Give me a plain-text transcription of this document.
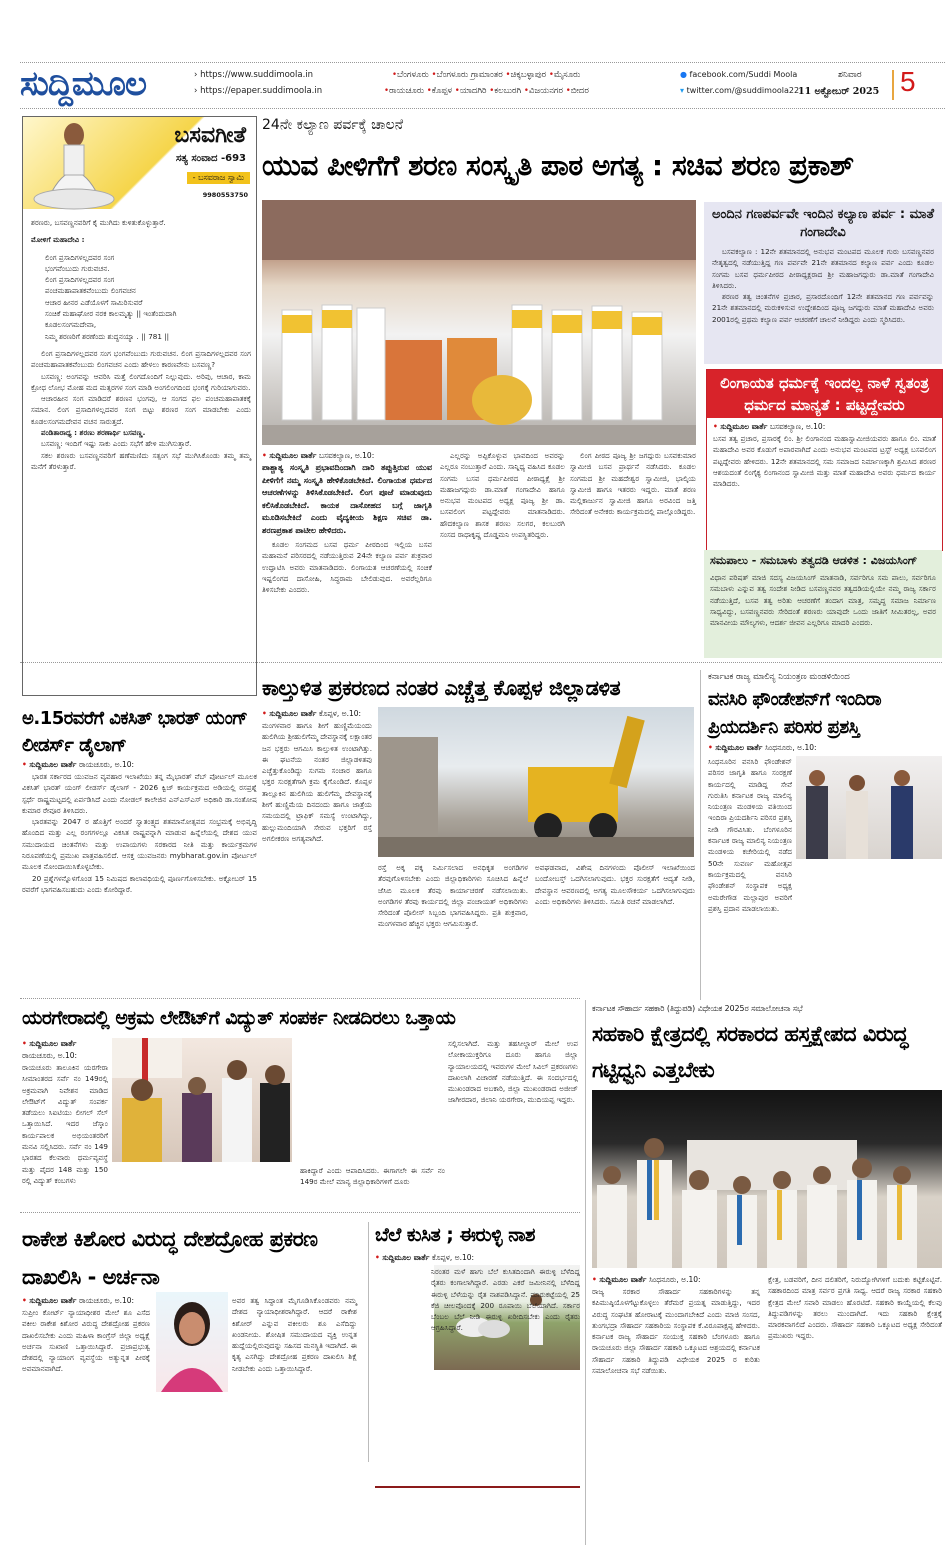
ಸುದ್ದಿಮೂಲ	› https://www.suddimoola.in
› https://epaper.suddimoola.in
•ಬೆಂಗಳೂರು •ಬೆಂಗಳೂರು ಗ್ರಾಮಾಂತರ •ಚಿಕ್ಕಬಳ್ಳಾಪುರ •ಮೈಸೂರು
•ರಾಯಚೂರು •ಕೊಪ್ಪಳ •ಯಾದಗಿರಿ •ಕಲಬುರಗಿ •ವಿಜಯನಗರ •ಬೀದರ
● facebook.com/Suddi Moola
▾ twitter.com/@suddimoola22
ಶನಿವಾರ
11 ಅಕ್ಟೋಬರ್ 2025 5
ಬಸವಗೀತೆ
ಸತ್ಯ ಸಂವಾದ -693
- ಬಸವರಾಜ ಸ್ವಾಮಿ
9980553750
ಶರಣರು, ಬಸವಣ್ಣನವರಿಗೆ ಕೈ ಮುಗಿದು ಕುಳಿತುಕೊಳ್ಳುತ್ತಾರೆ.
ಮೋಳಿಗೆ ಮಹಾದೇವಿ :
ಲಿಂಗ ಪ್ರಸಾದಿಗಳಲ್ಲದವರ ಸಂಗ
ಭಂಗವೆಂಬುದು ಗುರುವಚನ.
ಲಿಂಗ ಪ್ರಸಾದಿಗಳಲ್ಲದವರ ಸಂಗ
ಪಂಚಮಹಾಪಾತಕವೆಂಬುದು ಲಿಂಗವಚನ
ಆಚಾರ ಹೀನರ ಎಡೆಯೊಳಗೆ ಸಾಮಿರಿಸುವರೆ
ಸಂಚಿಕೆ ಮಹಾಘೋರ ನರಕ ಕಾಲಮೃತ್ಯು || ಇಂತೆಂದುದಾಗಿ
ಕೂಡಲಸಂಗಮದೇವಾ,
ನಿಮ್ಮ ಶರಣರಿಗೆ ಶರಣೆಂದು ಶುದ್ಧನಯ್ಯಾ . || 781 ||

ಲಿಂಗ ಪ್ರಸಾದಿಗಳಲ್ಲದವರ ಸಂಗ ಭಂಗವೆಂಬುದು ಗುರುವಚನ. ಲಿಂಗ ಪ್ರಸಾದಿಗಳಲ್ಲದವರ ಸಂಗ ಪಂಚಮಹಾಪಾತಕವೆಂಬುದು ಲಿಂಗವಚನ ಎಂದು ಹೇಳಲು ಕಾರಣವೇನು ಬಸವಣ್ಣ?

ಬಸವಣ್ಣ: ಅಂಗವನ್ನು ಆವರಿಸಿ ಮತ್ತೆ ಲಿಂಗದೊಂದಿಗೆ ನಿಲ್ಲುವುದು. ಅರಿವು, ಆಚಾರ, ಕಾಮ ಕ್ರೋಧ ಲೋಭ ಮೋಹ ಮದ ಮತ್ಸರಗಳ ಸಂಗ ಮಾಡಿ ಅಂಗಲಿಂಗದಿಂದ ಭಂಗಕ್ಕೆ ಗುರಿಯಾಗುವರು.

ಆಚಾರಹೀನ ಸಂಗ ಮಾಡಿದರೆ ಶರಣನ ಭಂಗವು, ಆ ಸಂಗದ ಫಲ ಪಂಚಮಹಾಪಾತಕಕ್ಕೆ ಸಮಾನ. ಲಿಂಗ ಪ್ರಸಾದಿಗಳಲ್ಲದವರ ಸಂಗ ಬಿಟ್ಟು ಶರಣರ ಸಂಗ ಮಾಡಬೇಕು ಎಂದು ಕೂಡಲಸಂಗಮದೇವನ ವಚನ ಸಾರುತ್ತದೆ.

ಪಂಡಿತಾರಾಧ್ಯ : ಶರಣು ಶರಣಾರ್ಥಿ ಬಸವಣ್ಣ.

ಬಸವಣ್ಣ: ಇಂದಿಗೆ ಇಷ್ಟು ಸಾಕು ಎಂದು ಸಭೆಗೆ ಹೇಳಿ ಮುಗಿಸುತ್ತಾರೆ.

ಸಕಲ ಶರಣರು ಬಸವಣ್ಣನವರಿಗೆ ಹಣೆಮಣಿದು ಸತ್ಸಂಗ ಸಭೆ ಮುಗಿಸಿಕೊಂಡು ತಮ್ಮ ತಮ್ಮ ಮನೆಗೆ ತೆರಳುತ್ತಾರೆ.

24ನೇ ಕಲ್ಯಾಣ ಪರ್ವಕ್ಕೆ ಚಾಲನೆ
ಯುವ ಪೀಳಿಗೆಗೆ ಶರಣ ಸಂಸ್ಕೃತಿ ಪಾಠ ಅಗತ್ಯ : ಸಚಿವ ಶರಣ ಪ್ರಕಾಶ್
• ಸುದ್ದಿಮೂಲ ವಾರ್ತೆ ಬಸವಕಲ್ಯಾಣ, ಅ.10:
ಪಾಶ್ಚಾತ್ಯ ಸಂಸ್ಕೃತಿ ಪ್ರಭಾವದಿಂದಾಗಿ ದಾರಿ ತಪ್ಪುತ್ತಿರುವ ಯುವ ಪೀಳಿಗೆಗೆ ನಮ್ಮ ಸಂಸ್ಕೃತಿ ಹೇಳಿಕೊಡಬೇಕಿದೆ. ಲಿಂಗಾಯತ ಧರ್ಮದ ಆಚರಣೆಗಳನ್ನು ತಿಳಿಸಿಕೊಡಬೇಕಿದೆ. ಲಿಂಗ ಪೂಜೆ ಮಾಡುವುದು ಕಲಿಸಿಕೊಡಬೇಕಿದೆ. ಕಾಯಕ ದಾಸೋಹದ ಬಗ್ಗೆ ಜಾಗೃತಿ ಮೂಡಿಸಬೇಕಿದೆ ಎಂದು ವೈದ್ಯಕೀಯ ಶಿಕ್ಷಣ ಸಚಿವ ಡಾ. ಶರಣಪ್ರಕಾಶ ಪಾಟೀಲ ಹೇಳಿದರು.

ಕೂಡಲ ಸಂಗಮದ ಬಸವ ಧರ್ಮ ಪೀಠದಿಂದ ಇಲ್ಲಿಯ ಬಸವ ಮಹಾಮನೆ ಪರಿಸರದಲ್ಲಿ ನಡೆಯುತ್ತಿರುವ 24ನೇ ಕಲ್ಯಾಣ ಪರ್ವ ಶುಕ್ರವಾರ ಉದ್ಘಾಟಿಸಿ ಅವರು ಮಾತನಾಡಿದರು. ಲಿಂಗಾಯತ ಆಚರಣೆಯಲ್ಲಿ ಸಂಚಿಕೆ ಇಷ್ಟಲಿಂಗದ ದಾಸೋಹಿ, ಸಿದ್ಧರಾಮ ಬೇಲಿಡುವುದ. ಅವರೆಲ್ಲರಿಗೂ ತಿಳಿಸಬೇಕು ಎಂದರು.

ಎಲ್ಲರನ್ನು ಅಪ್ಪಿಕೊಳ್ಳುವ ಭಾವದಿಂದ ಅವರನ್ನು ಎಲ್ಲರೂ ನಂಬುತ್ತಾರೆ ಎಂದು. ಸಾನ್ನಿಧ್ಯ ವಹಿಸಿದ ಕೂಡಲ ಸಂಗಮ ಬಸವ ಧರ್ಮಪೀಠದ ಪೀಠಾಧ್ಯಕ್ಷೆ ಶ್ರೀ ಮಹಾಜಗದ್ಗುರು ಡಾ.ಮಾತೆ ಗಂಗಾದೇವಿ ಹಾಗೂ ಅನುಭವ ಮಂಟಪದ ಅಧ್ಯಕ್ಷ ಪೂಜ್ಯ ಶ್ರೀ ಡಾ. ಬಸವಲಿಂಗ ಪಟ್ಟದ್ದೇವರು ಮಾತನಾಡಿದರು. ಹೌದಕಲ್ಯಾಣ ಶಾಸಕ ಶರಣು ಸಲಗರ, ಕಲಬುರಗಿ ಸಂಸದ ರಾಧಾಕೃಷ್ಣ ದೊಡ್ಡಮನಿ ಉಪಸ್ಥಿತರಿದ್ದರು.

ಲಿಂಗ ಪೀಠದ ಪೂಜ್ಯ ಶ್ರೀ ಜಗದ್ಗುರು ಬಸವಕುಮಾರ ಸ್ವಾಮೀಜಿ ಬಸವ ಪ್ರಾರ್ಥನೆ ನಡೆಸಿದರು. ಕೂಡಲ ಸಂಗಮದ ಶ್ರೀ ಮಹದೇಶ್ವರ ಸ್ವಾಮೀಜಿ, ಭಾಲ್ಕಿಯ ಸ್ವಾಮೀಜಿ ಹಾಗೂ ಇತರರು ಇದ್ದರು. ಮಾತೆ ಶರಣ ಮಲ್ಲಿಕಾರ್ಜುನ ಸ್ವಾಮೀಜಿ ಹಾಗೂ ಅರವಿಂದ ಜತ್ತಿ ಸೇರಿದಂತೆ ಅನೇಕರು ಕಾರ್ಯಕ್ರಮದಲ್ಲಿ ಪಾಲ್ಗೊಂಡಿದ್ದರು.

ಅಂದಿನ ಗಣಪರ್ವವೇ ಇಂದಿನ ಕಲ್ಯಾಣ ಪರ್ವ : ಮಾತೆ ಗಂಗಾದೇವಿ

ಬಸವಕಲ್ಯಾಣ : 12ನೇ ಶತಮಾನದಲ್ಲಿ ಅನುಭವ ಮಂಟಪದ ಮೂಲಕ ಗುರು ಬಸವಣ್ಣನವರ ನೇತೃತ್ವದಲ್ಲಿ ನಡೆಯುತ್ತಿದ್ದ ಗಣ ಪರ್ವವೇ 21ನೇ ಶತಮಾನದ ಕಲ್ಯಾಣ ಪರ್ವ ಎಂದು ಕೂಡಲ ಸಂಗಮ ಬಸವ ಧರ್ಮಪೀಠದ ಪೀಠಾಧ್ಯಕ್ಷರಾದ ಶ್ರೀ ಮಹಾಜಗದ್ಗುರು ಡಾ.ಮಾತೆ ಗಂಗಾದೇವಿ ತಿಳಿಸಿದರು.

ಶರಣರ ತತ್ವ ಚಿಂತನೆಗಳ ಪ್ರಚಾರ, ಪ್ರಸಾರದೊಂದಿಗೆ 12ನೇ ಶತಮಾನದ ಗಣ ಪರ್ವವನ್ನು 21ನೇ ಶತಮಾನದಲ್ಲಿ ಮರುಕಳಿಸುವ ಉದ್ದೇಶದಿಂದ ಪೂಜ್ಯ ಜಗದ್ಗುರು ಮಾತೆ ಮಹಾದೇವಿ ಅವರು 2001ರಲ್ಲಿ ಪ್ರಥಮ ಕಲ್ಯಾಣ ಪರ್ವ ಆಚರಣೆಗೆ ಚಾಲನೆ ನೀಡಿದ್ದರು ಎಂದು ಸ್ಮರಿಸಿದರು.

ಲಿಂಗಾಯತ ಧರ್ಮಕ್ಕೆ ಇಂದಲ್ಲ ನಾಳೆ ಸ್ವತಂತ್ರ ಧರ್ಮದ ಮಾನ್ಯತೆ : ಪಟ್ಟದ್ದೇವರು
• ಸುದ್ದಿಮೂಲ ವಾರ್ತೆ ಬಸವಕಲ್ಯಾಣ, ಅ.10:
ಬಸವ ತತ್ವ ಪ್ರಚಾರ, ಪ್ರಸಾರಕ್ಕೆ ಲಿಂ. ಶ್ರೀ ಲಿಂಗಾನಂದ ಮಹಾಸ್ವಾಮೀಜಿಯವರು ಹಾಗೂ ಲಿಂ. ಮಾತೆ ಮಹಾದೇವಿ ಅವರ ಕೊಡುಗೆ ಅಪಾರವಾಗಿದೆ ಎಂದು ಅನುಭವ ಮಂಟಪದ ಟ್ರಸ್ಟ್ ಅಧ್ಯಕ್ಷ ಬಸವಲಿಂಗ ಪಟ್ಟದ್ದೇವರು ಹೇಳಿದರು. 12ನೇ ಶತಮಾನದಲ್ಲಿ ಸಮ ಸಮಾಜದ ನಿರ್ಮಾಣಕ್ಕಾಗಿ ಶ್ರಮಿಸಿದ ಶರಣರ ಆಶಯದಂತೆ ಲಿಂಗೈಕ್ಯ ಲಿಂಗಾನಂದ ಸ್ವಾಮೀಜಿ ಮತ್ತು ಮಾತೆ ಮಹಾದೇವಿ ಅವರು ಧರ್ಮದ ಕಾರ್ಯ ಮಾಡಿದರು.
ಸಮಪಾಲು - ಸಮಬಾಳು ತತ್ವದಡಿ ಆಡಳಿತ : ವಿಜಯಸಿಂಗ್
ವಿಧಾನ ಪರಿಷತ್ ಮಾಜಿ ಸದಸ್ಯ ವಿಜಯಸಿಂಗ್ ಮಾತನಾಡಿ, ಸರ್ವರಿಗೂ ಸಮ ಪಾಲು, ಸರ್ವರಿಗೂ ಸಮಬಾಳು ಎನ್ನುವ ತತ್ವ ಸಂದೇಶ ನೀಡಿದ ಬಸವಣ್ಣನವರ ತತ್ವದಡಿಯಲ್ಲಿಯೇ ನಮ್ಮ ರಾಜ್ಯ ಸರ್ಕಾರ ನಡೆಯುತ್ತಿದೆ, ಬಸವ ತತ್ವ ಅರಿತು ಆಚರಣೆಗೆ ತಂದಾಗ ಮಾತ್ರ, ಸಮೃದ್ಧ ಸಮಾಜ ನಿರ್ಮಾಣ ಸಾಧ್ಯವಿದ್ದು, ಬಸವಣ್ಣನವರು ಸೇರಿದಂತೆ ಶರಣರು ಯಾವುದೇ ಒಂದು ಜಾತಿಗೆ ಸೀಮಿತರಲ್ಲ, ಅವರ ಮಾನವೀಯ ಮೌಲ್ಯಗಳು, ಆದರ್ಶ ಜೀವನ ಎಲ್ಲರಿಗೂ ಮಾದರಿ ಎಂದರು.
ಅ.15ರವರೆಗೆ ವಿಕಸಿತ್ ಭಾರತ್ ಯಂಗ್ ಲೀಡರ್ಸ್ ಡೈಲಾಗ್
• ಸುದ್ದಿಮೂಲ ವಾರ್ತೆ ರಾಯಚೂರು, ಅ.10:

ಭಾರತ ಸರ್ಕಾರದ ಯುವಜನ ವ್ಯವಹಾರ ಇಲಾಖೆಯು ತನ್ನ ಮೈಭಾರತ್ ವೆಬ್ ಪೋರ್ಟಲ್ ಮೂಲಕ ವಿಕಸಿತ್ ಭಾರತ್ ಯಂಗ್ ಲೀಡರ್ಸ್ ಡೈಲಾಗ್ - 2026 ಕ್ವಿಜ್ ಕಾರ್ಯಕ್ರಮದ ಅಡಿಯಲ್ಲಿ ರಸಪ್ರಶ್ನೆ ಸ್ಪರ್ಧೆ ರಾಷ್ಟ್ರಮಟ್ಟದಲ್ಲಿ ಏರ್ಪಡಿಸಿದೆ ಎಂದು ನೋಡಲ್ ಕಾಲೇಜಿನ ಎನ್‌ಎಸ್‌ಎಸ್ ಅಧಿಕಾರಿ ಡಾ.ಸಂತೋಷ ಕುಮಾರ ರೇವೂರ ತಿಳಿಸಿದರು.

ಭಾರತವನ್ನು 2047 ರ ಹೊತ್ತಿಗೆ ಅಂದರೆ ಸ್ವಾತಂತ್ರ್ಯದ ಶತಮಾನೋತ್ಸವದ ಸಂಭ್ರಮಕ್ಕೆ ಅಭಿವೃದ್ಧಿ ಹೊಂದಿದ ಮತ್ತು ಎಲ್ಲ ರಂಗಗಳಲ್ಲೂ ವಿಕಸಿತ ರಾಷ್ಟ್ರವನ್ನಾಗಿ ಮಾಡುವ ಹಿನ್ನೆಲೆಯಲ್ಲಿ ದೇಶದ ಯುವ ಸಮುದಾಯದ ಚಿಂತನೆಗಳು ಮತ್ತು ಉಪಾಯಗಳು ಸರಕಾರದ ನೀತಿ ಮತ್ತು ಕಾರ್ಯಕ್ರಮಗಳ ನಿರೂಪಣೆಯಲ್ಲಿ ಪ್ರಮುಖ ಪಾತ್ರವಹಿಸಲಿದೆ. ಆಸಕ್ತ ಯುವಜನರು mybharat.gov.in ಪೋರ್ಟಲ್ ಮೂಲಕ ನೋಂದಾಯಿಸಿಕೊಳ್ಳಬೇಕು.

20 ಪ್ರಶ್ನೆಗಳನ್ನೊಳಗೊಂಡ 15 ನಿಮಿಷದ ಕಾಲಾವಧಿಯಲ್ಲಿ ಪೂರ್ಣಗೊಳಿಸಬೇಕು. ಅಕ್ಟೋಬರ್ 15 ರವರೆಗೆ ಭಾಗವಹಿಸಬಹುದು ಎಂದು ಕೋರಿದ್ದಾರೆ.

ಕಾಲ್ತುಳಿತ ಪ್ರಕರಣದ ನಂತರ ಎಚ್ಚೆತ್ತ ಕೊಪ್ಪಳ ಜಿಲ್ಲಾಡಳಿತ
• ಸುದ್ದಿಮೂಲ ವಾರ್ತೆ ಕೊಪ್ಪಳ, ಅ.10:
ಮಂಗಳವಾರ ಹಾಗೂ ಶೀಗೆ ಹುಣ್ಣಿಮೆಯಂದು ಹುಲಿಗಿಯ ಶ್ರೀಹುಲಿಗೆಮ್ಮ ದೇವಸ್ಥಾನಕ್ಕೆ ಲಕ್ಷಾಂತರ ಜನ ಭಕ್ತರು ಆಗಮಿಸಿ ಕಾಲ್ತುಳಿತ ಉಂಟಾಗಿತ್ತು. ಈ ಘಟನೆಯ ನಂತರ ಜಿಲ್ಲಾಡಳಿತವು ಎಚ್ಚೆತ್ತುಕೊಂಡಿದ್ದು ಸುಗಮ ಸಂಚಾರ ಹಾಗೂ ಭಕ್ತರ ಸುರಕ್ಷತೆಗಾಗಿ ಕ್ರಮ ಕೈಗೊಂಡಿದೆ. ಕೊಪ್ಪಳ ತಾಲ್ಲೂಕಿನ ಹುಲಿಗಿಯ ಹುಲಿಗೆಮ್ಮ ದೇವಸ್ಥಾನಕ್ಕೆ ಶೀಗೆ ಹುಣ್ಣಿಮೆಯ ದಿನದಂದು ಹಾಗೂ ಜಾತ್ರೆಯ ಸಮಯದಲ್ಲಿ ಟ್ರಾಫಿಕ್ ಸಮಸ್ಯೆ ಉಂಟಾಗಿದ್ದು, ಹುಲ್ಲುಮಂದಿಯಾಗಿ ಸೇರುವ ಭಕ್ತರಿಗೆ ರಸ್ತೆ ಅಗಲೀಕರಣ ಅಗತ್ಯವಾಗಿದೆ.
ರಸ್ತೆ ಅಕ್ಕ ಪಕ್ಕ ನಿರ್ಮಿಸಲಾದ ಅನಧಿಕೃತ ಅಂಗಡಿಗಳ ತೆರವುಗೊಳಿಸಬೇಕು ಎಂದು ಜಿಲ್ಲಾಧಿಕಾರಿಗಳು ಸೂಚಿಸಿದ ಹಿನ್ನೆಲೆ ಜೆಸಿಬಿ ಮೂಲಕ ತೆರವು ಕಾರ್ಯಾಚರಣೆ ನಡೆಸಲಾಯಿತು. ಅಂಗಡಿಗಳ ತೆರವು ಕಾರ್ಯದಲ್ಲಿ ಜಿಲ್ಲಾ ಪಂಚಾಯತ್ ಅಧಿಕಾರಿಗಳು ಸೇರಿದಂತೆ ಪೊಲೀಸ್ ಸಿಬ್ಬಂದಿ ಭಾಗವಹಿಸಿದ್ದರು. ಪ್ರತಿ ಶುಕ್ರವಾರ, ಮಂಗಳವಾರ ಹೆಚ್ಚಿನ ಭಕ್ತರು ಆಗಮಿಸುತ್ತಾರೆ.
ಅವಘಡವಾದ, ವಿಶೇಷ ದಿನಗಳಂದು ಪೊಲೀಸ್ ಇಲಾಖೆಯಿಂದ ಬಂದೋಬಸ್ತ್ ಒದಗಿಸಲಾಗುವುದು. ಭಕ್ತರ ಸುರಕ್ಷತೆಗೆ ಆದ್ಯತೆ ನೀಡಿ, ದೇವಸ್ಥಾನ ಆವರಣದಲ್ಲಿ ಅಗತ್ಯ ಮೂಲಸೌಕರ್ಯ ಒದಗಿಸಲಾಗುವುದು ಎಂದು ಅಧಿಕಾರಿಗಳು ತಿಳಿಸಿದರು. ಸಮಿತಿ ರಚನೆ ಮಾಡಲಾಗಿದೆ.
ಕರ್ನಾಟಕ ರಾಜ್ಯ ಮಾಲಿನ್ಯ ನಿಯಂತ್ರಣ ಮಂಡಳಿಯಿಂದ
ವನಸಿರಿ ಫೌಂಡೇಶನ್‌ಗೆ ಇಂದಿರಾ ಪ್ರಿಯದರ್ಶಿನಿ ಪರಿಸರ ಪ್ರಶಸ್ತಿ
• ಸುದ್ದಿಮೂಲ ವಾರ್ತೆ ಸಿಂಧನೂರು, ಅ.10:
ಸಿಂಧನೂರಿನ ವನಸಿರಿ ಫೌಂಡೇಶನ್ ಪರಿಸರ ಜಾಗೃತಿ ಹಾಗೂ ಸಂರಕ್ಷಣೆ ಕಾರ್ಯದಲ್ಲಿ ಮಾಡಿದ್ದ ಸೇವೆ ಗುರುತಿಸಿ ಕರ್ನಾಟಕ ರಾಜ್ಯ ಮಾಲಿನ್ಯ ನಿಯಂತ್ರಣ ಮಂಡಳಿಯ ವತಿಯಿಂದ ಇಂದಿರಾ ಪ್ರಿಯದರ್ಶಿನಿ ಪರಿಸರ ಪ್ರಶಸ್ತಿ ನೀಡಿ ಗೌರವಿಸಿತು. ಬೆಂಗಳೂರಿನ ಕರ್ನಾಟಕ ರಾಜ್ಯ ಮಾಲಿನ್ಯ ನಿಯಂತ್ರಣ ಮಂಡಳಿಯ ಕಚೇರಿಯಲ್ಲಿ ನಡೆದ 50ನೇ ಸುವರ್ಣ ಮಹೋತ್ಸವ ಕಾರ್ಯಕ್ರಮದಲ್ಲಿ ವನಸಿರಿ ಫೌಂಡೇಶನ್ ಸಂಸ್ಥಾಪಕ ಅಧ್ಯಕ್ಷ ಅಮರೇಗೌಡ ಮಲ್ಲಾಪುರ ಅವರಿಗೆ ಪ್ರಶಸ್ತಿ ಪ್ರದಾನ ಮಾಡಲಾಯಿತು.
ಯರಗೇರಾದಲ್ಲಿ ಅಕ್ರಮ ಲೇಔಟ್‌ಗೆ ವಿದ್ಯುತ್ ಸಂಪರ್ಕ ನೀಡದಿರಲು ಒತ್ತಾಯ
• ಸುದ್ದಿಮೂಲ ವಾರ್ತೆ ರಾಯಚೂರು, ಅ.10:
ರಾಯಚೂರು ತಾಲೂಕಿನ ಯರಗೇರಾ ಸೀಮಾಂತರದ ಸರ್ವೆ ನಂ 149ರಲ್ಲಿ ಅಕ್ರಮವಾಗಿ ನಿವೇಶನ ಮಾಡಿದ ಲೇಔಟ್‌ಗೆ ವಿದ್ಯುತ್ ಸಂಪರ್ಕ ತಡೆಯಲು ಸಿಐಟಿಯು ಲೀಗಲ್ ಸೆಲ್ ಒತ್ತಾಯಿಸಿದೆ. ಇದರ ಜೆಸ್ಕಾಂ ಕಾರ್ಯಪಾಲಕ ಅಭಿಯಂತರರಿಗೆ ಮನವಿ ಸಲ್ಲಿಸಿದರು. ಸರ್ವೆ ನಂ 149 ಭಾರತದ ಕೆಲವಾರು ಧರ್ಮವ್ಯವಸ್ಥೆ ಮತ್ತು ಪೈದರ 148 ಮತ್ತು 150 ರಲ್ಲಿ ವಿದ್ಯುತ್ ಕಂಬಗಳು
ಸಲ್ಲಿಸಲಾಗಿದೆ. ಮತ್ತು ತಹಸೀಲ್ದಾರ್ ಮೇಲೆ ಉಪ ಲೋಕಾಯುಕ್ತರಿಗೂ ದೂರು ಹಾಗೂ ಜಿಲ್ಲಾ ನ್ಯಾಯಾಲಯದಲ್ಲಿ ಇವರುಗಳ ಮೇಲೆ ಸಿವಿಲ್ ಪ್ರಕರಣಗಳು ದಾಖಲಾಗಿ ವಿಚಾರಣೆ ನಡೆಯುತ್ತಿದೆ. ಈ ಸಂದರ್ಭದಲ್ಲಿ ಮುಖಂಡರಾದ ಅಬಕಾರಿ, ಜಿಲ್ಲಾ ಮುಖಂಡರಾದ ಅಜೀಜ್ ಜಾಗೀರದಾರ, ಜಿಲಾನಿ ಯರಗೇರಾ, ಮುದಿಯಪ್ಪ ಇದ್ದರು.
ಹಾಕಿದ್ದಾರೆ ಎಂದು ಆಪಾದಿಸಿದರು. ಈಗಾಗಲೇ ಈ ಸರ್ವೆ ನಂ 149ರ ಮೇಲೆ ಮಾನ್ಯ ಜಿಲ್ಲಾಧಿಕಾರಿಗಳಿಗೆ ದೂರು
ಕರ್ನಾಟಕ ಸೌಹಾರ್ದ ಸಹಕಾರಿ (ತಿದ್ದುಪಡಿ) ವಿಧೇಯಕ 2025ರ ಸಮಾಲೋಚನಾ ಸಭೆ
ಸಹಕಾರಿ ಕ್ಷೇತ್ರದಲ್ಲಿ ಸರಕಾರದ ಹಸ್ತಕ್ಷೇಪದ ವಿರುದ್ಧ ಗಟ್ಟಿಧ್ವನಿ ಎತ್ತಬೇಕು
• ಸುದ್ದಿಮೂಲ ವಾರ್ತೆ ಸಿಂಧನೂರು, ಅ.10:
ರಾಜ್ಯ ಸರಕಾರ ಸೌಹಾರ್ದ ಸಹಕಾರಿಗಳನ್ನು ತನ್ನ ಕಪಿಮುಷ್ಠಿಯೊಳಗೆಟ್ಟುಕೊಳ್ಳಲು ತೆರೆಮರೆ ಪ್ರಯತ್ನ ಮಾಡುತ್ತಿದ್ದು, ಇದರ ವಿರುದ್ಧ ಸಂಘಟಿತ ಹೋರಾಟಕ್ಕೆ ಮುಂದಾಗಬೇಕಿದೆ ಎಂದು ಮಾಜಿ ಸಂಸದ, ತುಂಗಭದ್ರಾ ಸೌಹಾರ್ದ ಸಹಕಾರಿಯ ಸಂಸ್ಥಾಪಕ ಕೆ.ವಿರೂಪಾಕ್ಷಪ್ಪ ಹೇಳಿದರು. ಕರ್ನಾಟಕ ರಾಜ್ಯ ಸೌಹಾರ್ದ ಸಂಯುಕ್ತ ಸಹಕಾರಿ ಬೆಂಗಳೂರು ಹಾಗೂ ರಾಯಚೂರು ಜಿಲ್ಲಾ ಸೌಹಾರ್ದ ಸಹಕಾರಿ ಒಕ್ಕೂಟದ ಆಶ್ರಯದಲ್ಲಿ ಕರ್ನಾಟಕ ಸೌಹಾರ್ದ ಸಹಕಾರಿ ತಿದ್ದುಪಡಿ ವಿಧೇಯಕ 2025 ರ ಕುರಿತು ಸಮಾಲೋಚನಾ ಸಭೆ ನಡೆಯಿತು.
ಕ್ಷೇತ್ರ, ಬಡವರಿಗೆ, ದೀನ ದಲಿತರಿಗೆ, ನಿರುದ್ಯೋಗಿಗಳಿಗೆ ಬದುಕು ಕಟ್ಟಿಕೊಟ್ಟಿವೆ. ಸಹಕಾರದಿಂದ ಮಾತ್ರ ಸರ್ವರ ಪ್ರಗತಿ ಸಾಧ್ಯ. ಆದರೆ ರಾಜ್ಯ ಸರಕಾರ ಸಹಕಾರಿ ಕ್ಷೇತ್ರದ ಮೇಲೆ ಸವಾರಿ ಮಾಡಲು ಹೊರಟಿದೆ. ಸಹಕಾರಿ ಕಾಯ್ದೆಯಲ್ಲಿ ಕೆಲವು ತಿದ್ದುಪಡಿಗಳನ್ನು ತರಲು ಮುಂದಾಗಿದೆ. ಇದು ಸಹಕಾರಿ ಕ್ಷೇತ್ರಕ್ಕೆ ಮಾರಕವಾಗಲಿದೆ ಎಂದರು. ಸೌಹಾರ್ದ ಸಹಕಾರಿ ಒಕ್ಕೂಟದ ಅಧ್ಯಕ್ಷ ಸೇರಿದಂತೆ ಪ್ರಮುಖರು ಇದ್ದರು.
ರಾಕೇಶ ಕಿಶೋರ ವಿರುದ್ಧ ದೇಶದ್ರೋಹ ಪ್ರಕರಣ ದಾಖಲಿಸಿ - ಅರ್ಚನಾ
• ಸುದ್ದಿಮೂಲ ವಾರ್ತೆ ರಾಯಚೂರು, ಅ.10:
ಸುಪ್ರೀಂ ಕೋರ್ಟ್ ನ್ಯಾಯಾಧೀಶರ ಮೇಲೆ ಶೂ ಎಸೆದ ವಕೀಲ ರಾಕೇಶ ಕಿಶೋರ ವಿರುದ್ಧ ದೇಶದ್ರೋಹ ಪ್ರಕರಣ ದಾಖಲಿಸಬೇಕು ಎಂದು ಮಹಿಳಾ ಕಾಂಗ್ರೆಸ್ ಜಿಲ್ಲಾ ಅಧ್ಯಕ್ಷೆ ಅರ್ಚನಾ ಸುಖಾಣಿ ಒತ್ತಾಯಿಸಿದ್ದಾರೆ. ಪ್ರಜಾಪ್ರಭುತ್ವ ದೇಶದಲ್ಲಿ ನ್ಯಾಯಾಂಗ ವ್ಯವಸ್ಥೆಯ ಅತ್ಯುನ್ನತ ಪೀಠಕ್ಕೆ ಅವಮಾನವಾಗಿದೆ.
ಅವರ ತತ್ವ ಸಿದ್ಧಾಂತ ಮೈಗೂಡಿಸಿಕೊಂಡವರು ನಮ್ಮ ದೇಶದ ನ್ಯಾಯಾಧೀಶರಾಗಿದ್ದಾರೆ. ಆದರೆ ರಾಕೇಶ ಕಿಶೋರ್ ಎನ್ನುವ ವಕೀಲರು ಶೂ ಎಸೆದಿದ್ದು ಖಂಡನೀಯ. ಶೋಷಿತ ಸಮುದಾಯದ ವ್ಯಕ್ತಿ ಉನ್ನತ ಹುದ್ದೆಯಲ್ಲಿರುವುದನ್ನು ಸಹಿಸದ ಮನಸ್ಥಿತಿ ಇದಾಗಿದೆ. ಈ ಕೃತ್ಯ ಎಸಗಿದ್ದು ದೇಶದ್ರೋಹ ಪ್ರಕರಣ ದಾಖಲಿಸಿ ಶಿಕ್ಷೆ ನೀಡಬೇಕು ಎಂದು ಒತ್ತಾಯಿಸಿದ್ದಾರೆ.
ಬೆಲೆ ಕುಸಿತ ; ಈರುಳ್ಳಿ ನಾಶ
• ಸುದ್ದಿಮೂಲ ವಾರ್ತೆ ಕೊಪ್ಪಳ, ಅ.10:
ನಿರಂತರ ಮಳೆ ಹಾಗು ಬೆಲೆ ಕುಸಿತದಿಂದಾಗಿ ಈರುಳ್ಳಿ ಬೆಳೆದಿದ್ದ ರೈತರು ಕಂಗಾಲಾಗಿದ್ದಾರೆ. ಎರಡು ಎಕರೆ ಜಮೀನಿನಲ್ಲಿ ಬೆಳೆದಿದ್ದ ಈರುಳ್ಳಿ ಬೆಳೆಯನ್ನು ರೈತ ನಾಶಪಡಿಸಿದ್ದಾನೆ. ಮಾರುಕಟ್ಟೆಯಲ್ಲಿ 25 ಕೆಜಿ ಚೀಲವೊಂದಕ್ಕೆ 200 ರೂಪಾಯಿ ಬೆಲೆಯಾಗಿದೆ. ಸರ್ಕಾರ ಬೆಂಬಲ ಬೆಲೆ ನೀಡಿ ಈರುಳ್ಳಿ ಖರೀದಿಸಬೇಕು ಎಂದು ರೈತರು ಆಗ್ರಹಿಸಿದ್ದಾರೆ.
